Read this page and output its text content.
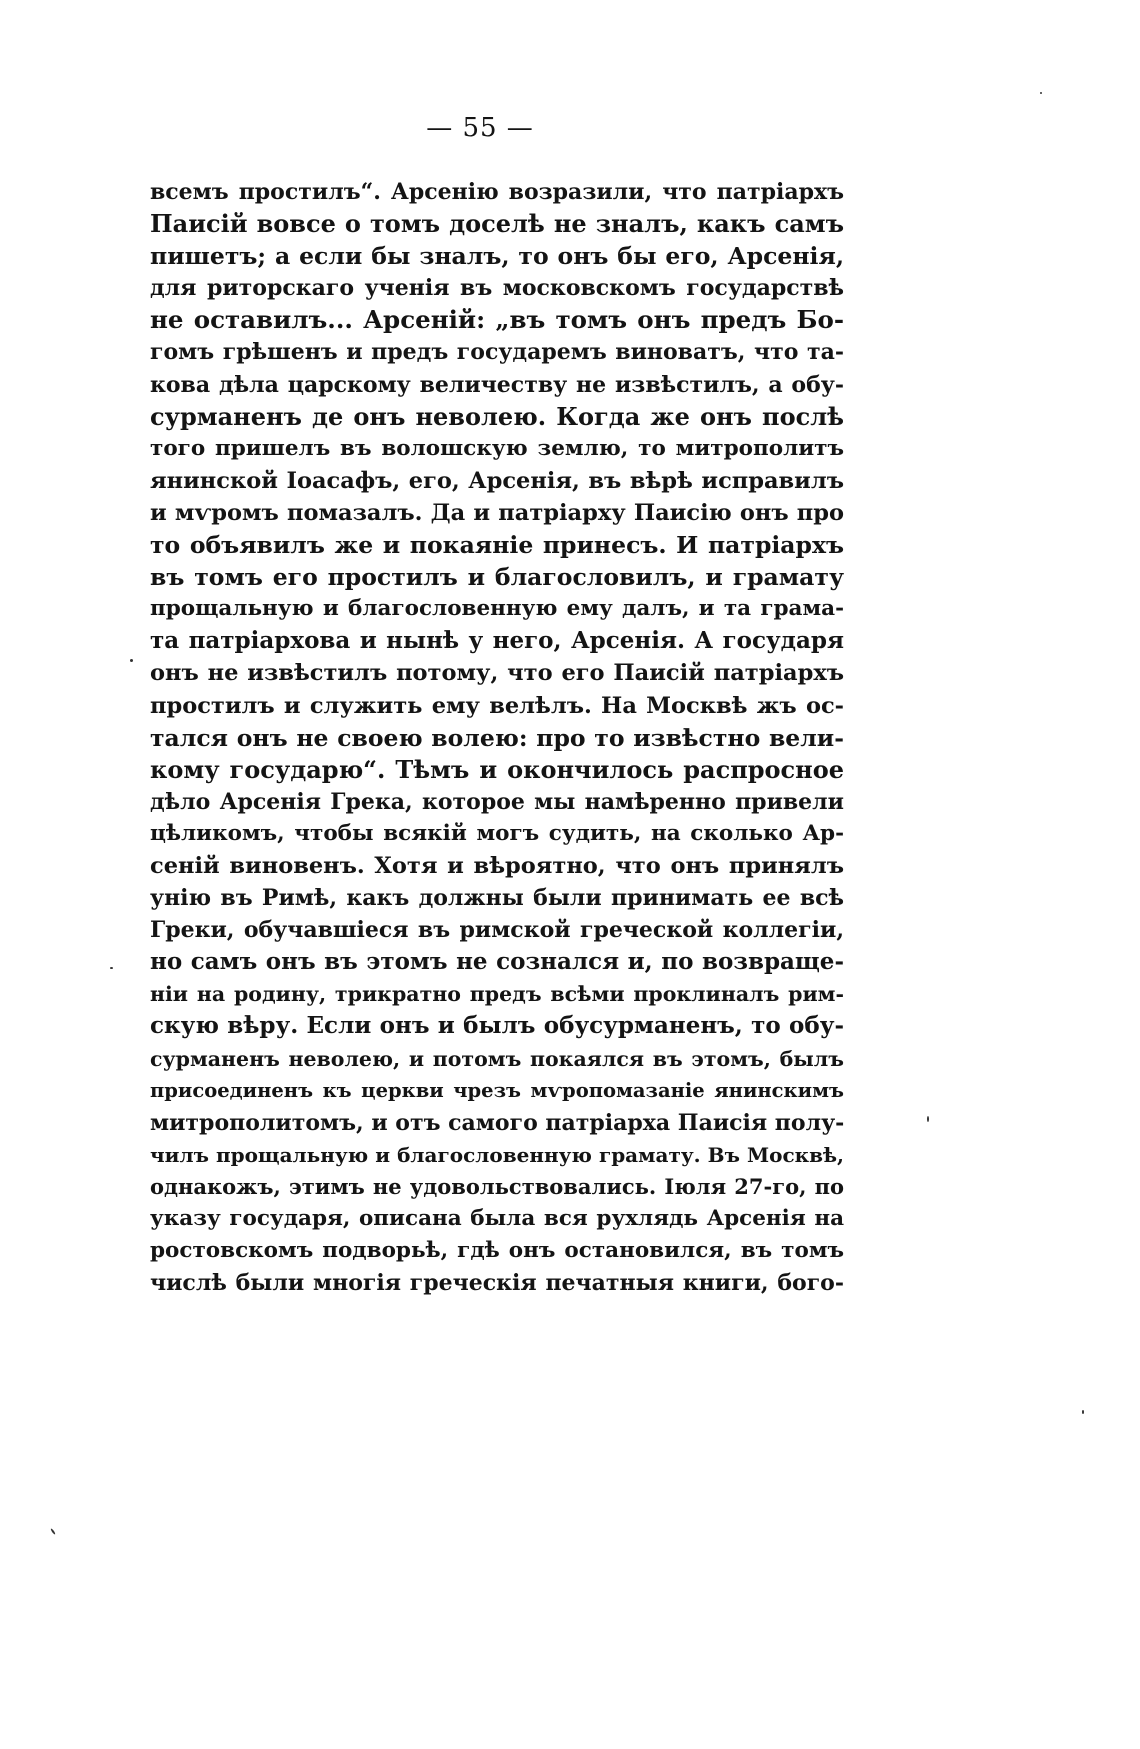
— 55 —
всемъ простилъ“. Арсенію возразили, что патріархъ
Паисій вовсе о томъ доселѣ не зналъ, какъ самъ
пишетъ; а если бы зналъ, то онъ бы его, Арсенія,
для риторскаго ученія въ московскомъ государствѣ
не оставилъ... Арсеній: „въ томъ онъ предъ Бо-
гомъ грѣшенъ и предъ государемъ виноватъ, что та-
кова дѣла царскому величеству не извѣстилъ, а обу-
сурманенъ де онъ неволею. Когда же онъ послѣ
того пришелъ въ волошскую землю, то митрополитъ
янинской Іоасафъ, его, Арсенія, въ вѣрѣ исправилъ
и мѵромъ помазалъ. Да и патріарху Паисію онъ про
то объявилъ же и покаяніе принесъ. И патріархъ
въ томъ его простилъ и благословилъ, и грамату
прощальную и благословенную ему далъ, и та грама-
та патріархова и нынѣ у него, Арсенія. А государя
онъ не извѣстилъ потому, что его Паисій патріархъ
простилъ и служить ему велѣлъ. На Москвѣ жъ ос-
тался онъ не своею волею: про то извѣстно вели-
кому государю“. Тѣмъ и окончилось распросное
дѣло Арсенія Грека, которое мы намѣренно привели
цѣликомъ, чтобы всякій могъ судить, на сколько Ар-
сеній виновенъ. Хотя и вѣроятно, что онъ принялъ
унію въ Римѣ, какъ должны были принимать ее всѣ
Греки, обучавшіеся въ римской греческой коллегіи,
но самъ онъ въ этомъ не сознался и, по возвраще-
ніи на родину, трикратно предъ всѣми проклиналъ рим-
скую вѣру. Если онъ и былъ обусурманенъ, то обу-
сурманенъ неволею, и потомъ покаялся въ этомъ, былъ
присоединенъ къ церкви чрезъ мѵропомазаніе янинскимъ
митрополитомъ, и отъ самого патріарха Паисія полу-
чилъ прощальную и благословенную грамату. Въ Москвѣ,
однакожъ, этимъ не удовольствовались. Іюля 27-го, по
указу государя, описана была вся рухлядь Арсенія на
ростовскомъ подворьѣ, гдѣ онъ остановился, въ томъ
числѣ были многія греческія печатныя книги, бого-
